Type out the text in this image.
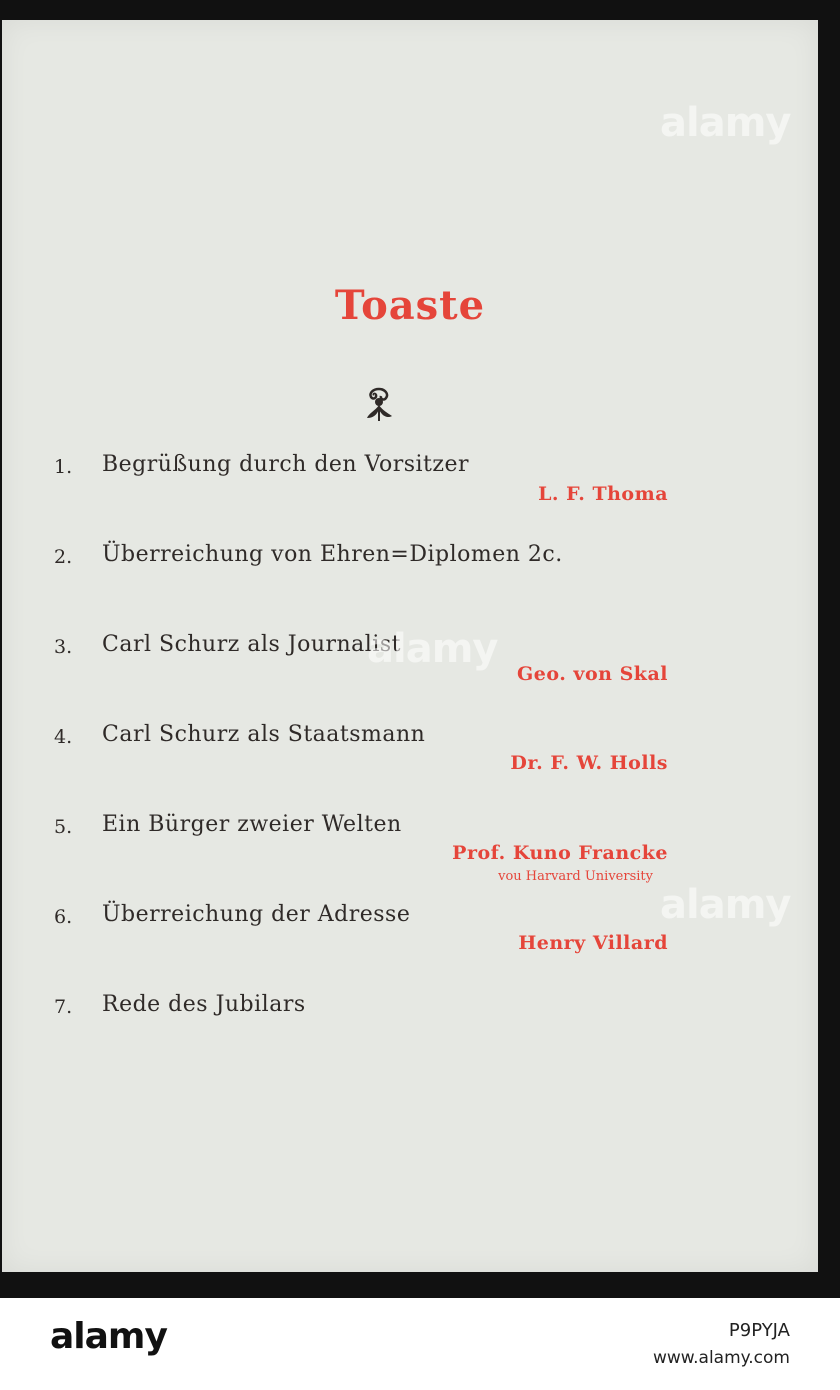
Toaste
1.	Begrüßung durch den Vorsitzer
L. F. Thoma
2.	Überreichung von Ehren=Diplomen 2c.
3.	Carl Schurz als Journalist
Geo. von Skal
4.	Carl Schurz als Staatsmann
Dr. F. W. Holls
5.	Ein Bürger zweier Welten
Prof. Kuno Francke
vou Harvard University
6.	Überreichung der Adresse
Henry Villard
7.	Rede des Jubilars
alamy
alamy
alamy
alamy	P9PYJA
www.alamy.com
